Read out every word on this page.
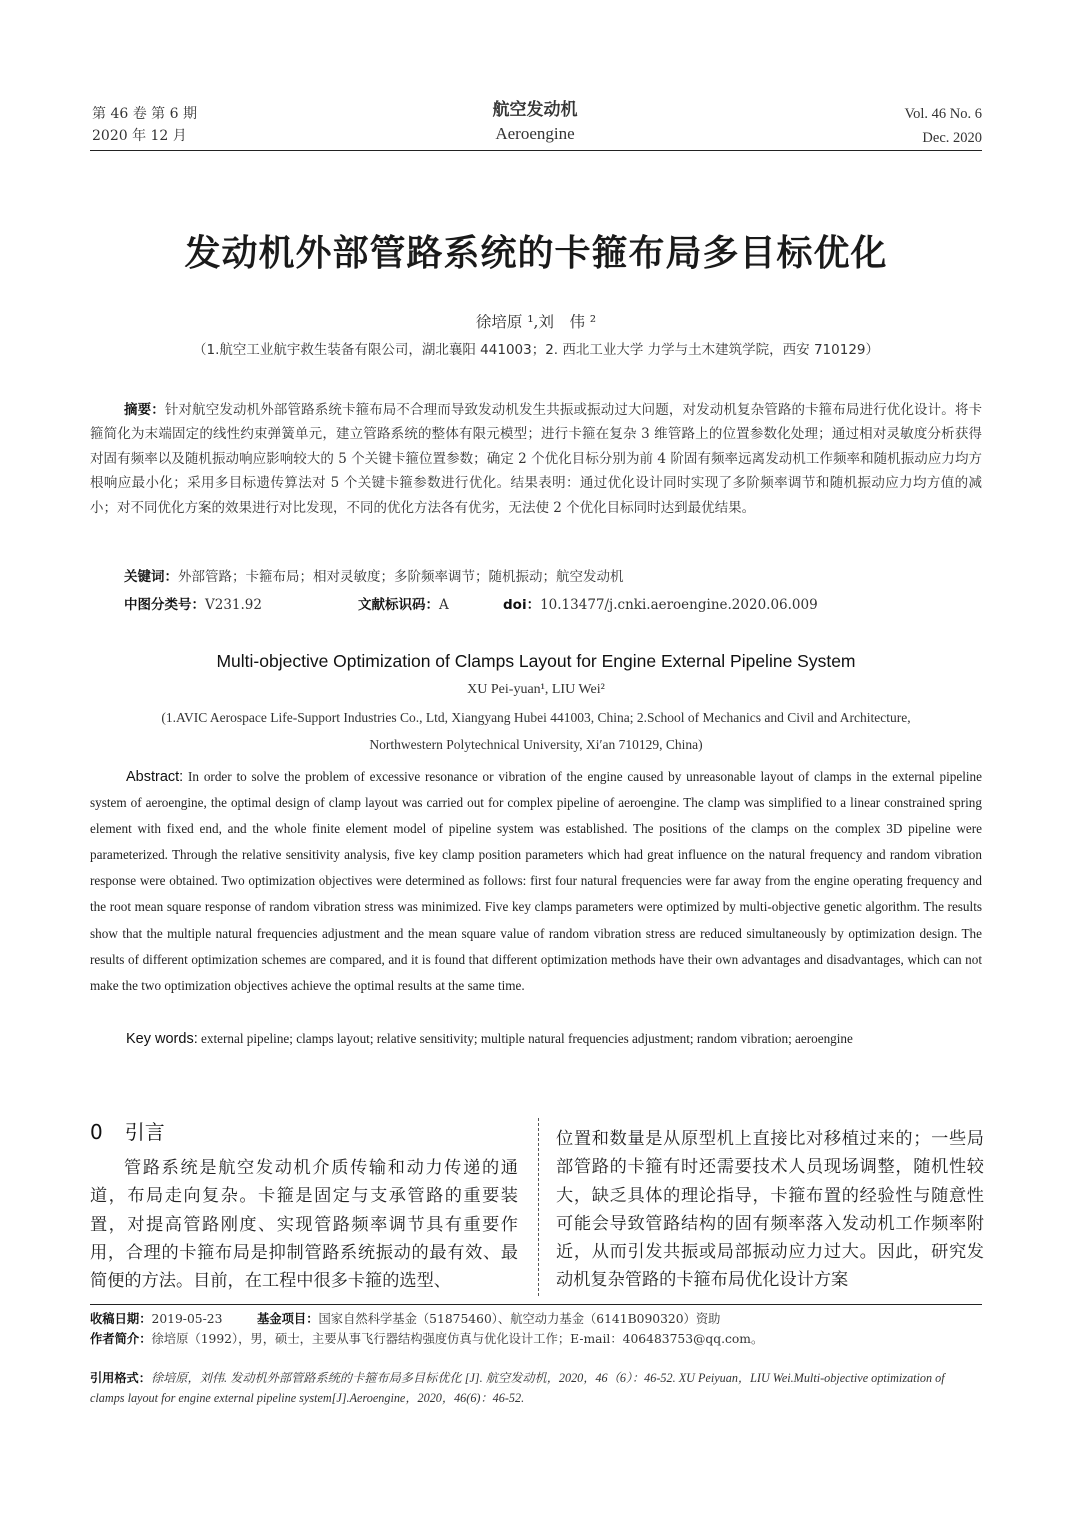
第 46 卷 第 6 期
2020 年 12 月
航空发动机
Aeroengine
Vol. 46 No. 6
Dec. 2020
发动机外部管路系统的卡箍布局多目标优化
徐培原 ¹,刘　伟 ²
（1.航空工业航宇救生装备有限公司，湖北襄阳 441003；2. 西北工业大学 力学与土木建筑学院，西安 710129）
摘要：针对航空发动机外部管路系统卡箍布局不合理而导致发动机发生共振或振动过大问题，对发动机复杂管路的卡箍布局进行优化设计。将卡箍简化为末端固定的线性约束弹簧单元，建立管路系统的整体有限元模型；进行卡箍在复杂 3 维管路上的位置参数化处理；通过相对灵敏度分析获得对固有频率以及随机振动响应影响较大的 5 个关键卡箍位置参数；确定 2 个优化目标分别为前 4 阶固有频率远离发动机工作频率和随机振动应力均方根响应最小化；采用多目标遗传算法对 5 个关键卡箍参数进行优化。结果表明：通过优化设计同时实现了多阶频率调节和随机振动应力均方值的减小；对不同优化方案的效果进行对比发现，不同的优化方法各有优劣，无法使 2 个优化目标同时达到最优结果。
关键词：外部管路；卡箍布局；相对灵敏度；多阶频率调节；随机振动；航空发动机
中图分类号：V231.92	文献标识码：A	doi：10.13477/j.cnki.aeroengine.2020.06.009
Multi-objective Optimization of Clamps Layout for Engine External Pipeline System
XU Pei-yuan¹, LIU Wei²
(1.AVIC Aerospace Life-Support Industries Co., Ltd, Xiangyang Hubei 441003, China; 2.School of Mechanics and Civil and Architecture,
Northwestern Polytechnical University, Xi′an 710129, China)
Abstract: In order to solve the problem of excessive resonance or vibration of the engine caused by unreasonable layout of clamps in the external pipeline system of aeroengine, the optimal design of clamp layout was carried out for complex pipeline of aeroengine. The clamp was simplified to a linear constrained spring element with fixed end, and the whole finite element model of pipeline system was established. The positions of the clamps on the complex 3D pipeline were parameterized. Through the relative sensitivity analysis, five key clamp position parameters which had great influence on the natural frequency and random vibration response were obtained. Two optimization objectives were determined as follows: first four natural frequencies were far away from the engine operating frequency and the root mean square response of random vibration stress was minimized. Five key clamps parameters were optimized by multi-objective genetic algorithm. The results show that the multiple natural frequencies adjustment and the mean square value of random vibration stress are reduced simultaneously by optimization design. The results of different optimization schemes are compared, and it is found that different optimization methods have their own advantages and disadvantages, which can not make the two optimization objectives achieve the optimal results at the same time.
Key words: external pipeline; clamps layout; relative sensitivity; multiple natural frequencies adjustment; random vibration; aeroengine
0 引言
管路系统是航空发动机介质传输和动力传递的通道，布局走向复杂。卡箍是固定与支承管路的重要装置，对提高管路刚度、实现管路频率调节具有重要作用，合理的卡箍布局是抑制管路系统振动的最有效、最简便的方法。目前，在工程中很多卡箍的选型、
位置和数量是从原型机上直接比对移植过来的；一些局部管路的卡箍有时还需要技术人员现场调整，随机性较大，缺乏具体的理论指导，卡箍布置的经验性与随意性可能会导致管路结构的固有频率落入发动机工作频率附近，从而引发共振或局部振动应力过大。因此，研究发动机复杂管路的卡箍布局优化设计方案
收稿日期：2019-05-23	基金项目：国家自然科学基金（51875460）、航空动力基金（6141B090320）资助
作者简介：徐培原（1992），男，硕士，主要从事飞行器结构强度仿真与优化设计工作；E-mail：406483753@qq.com。
引用格式：徐培原，刘伟. 发动机外部管路系统的卡箍布局多目标优化 [J]. 航空发动机，2020，46（6）：46-52. XU Peiyuan，LIU Wei.Multi-objective optimization of clamps layout for engine external pipeline system[J].Aeroengine，2020，46(6)：46-52.
